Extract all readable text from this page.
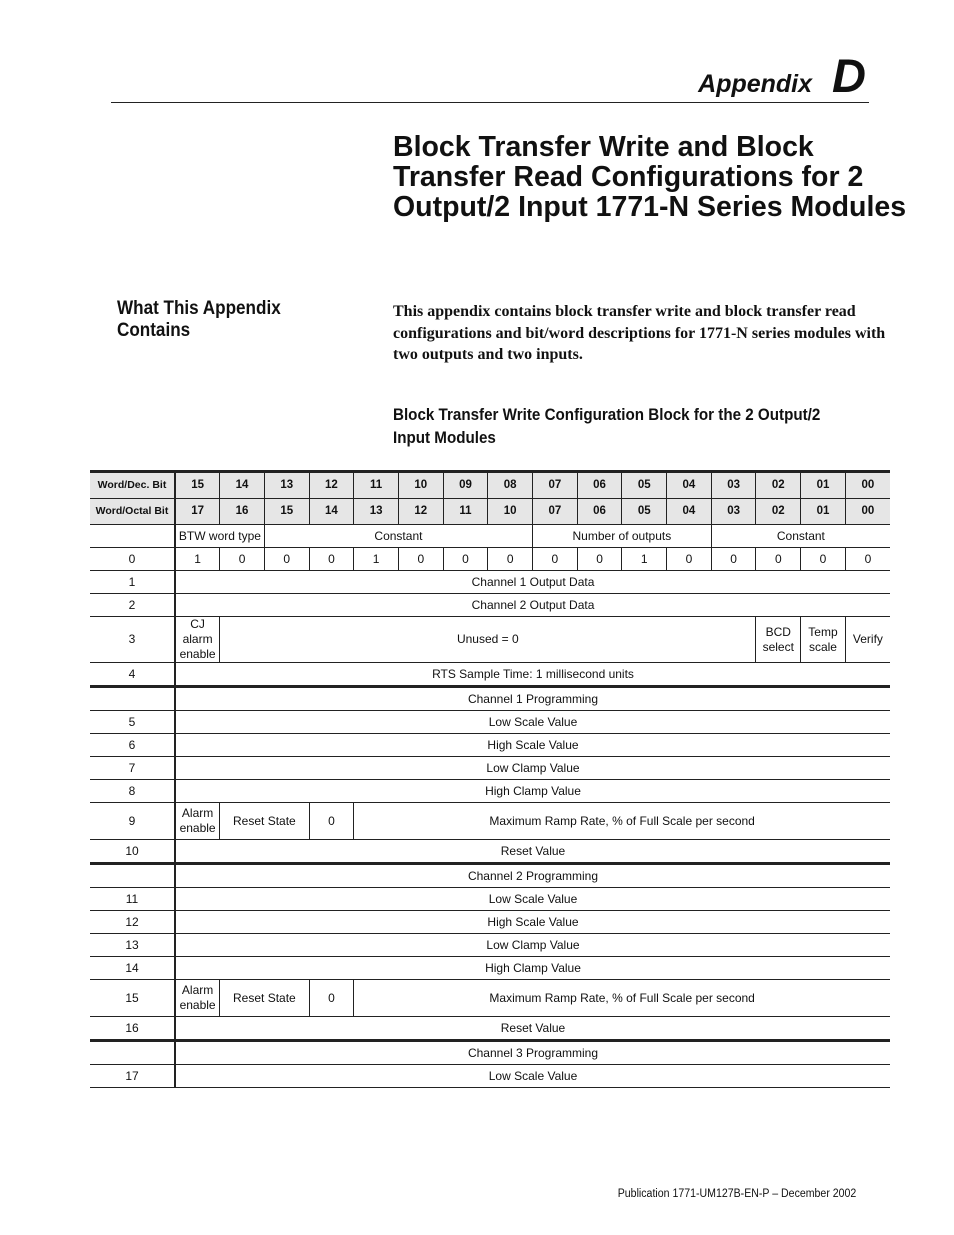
Appendix D
Block Transfer Write and Block Transfer Read Configurations for 2 Output/2 Input 1771-N Series Modules
What This Appendix Contains
This appendix contains block transfer write and block transfer read configurations and bit/word descriptions for 1771-N series modules with two outputs and two inputs.
Block Transfer Write Configuration Block for the 2 Output/2 Input Modules
Word/Dec. Bit	15	14	13	12	11	10	09	08	07	06	05	04	03	02	01	00
Word/Octal Bit	17	16	15	14	13	12	11	10	07	06	05	04	03	02	01	00
	BTW word type		Constant						Number of outputs				Constant			
0	1	0	0	0	1	0	0	0	0	0	1	0	0	0	0	0
1	Channel 1 Output Data															
2	Channel 2 Output Data															
3	CJ alarm enable	Unused = 0												BCD select	Temp scale	Verify
4	RTS Sample Time: 1 millisecond units															
	Channel 1 Programming															
5	Low Scale Value															
6	High Scale Value															
7	Low Clamp Value															
8	High Clamp Value															
9	Alarm enable	Reset State		0	Maximum Ramp Rate, % of Full Scale per second											
10	Reset Value															
	Channel 2 Programming															
11	Low Scale Value															
12	High Scale Value															
13	Low Clamp Value															
14	High Clamp Value															
15	Alarm enable	Reset State		0	Maximum Ramp Rate, % of Full Scale per second											
16	Reset Value															
	Channel 3 Programming															
17	Low Scale Value															
Publication 1771-UM127B-EN-P – December 2002
